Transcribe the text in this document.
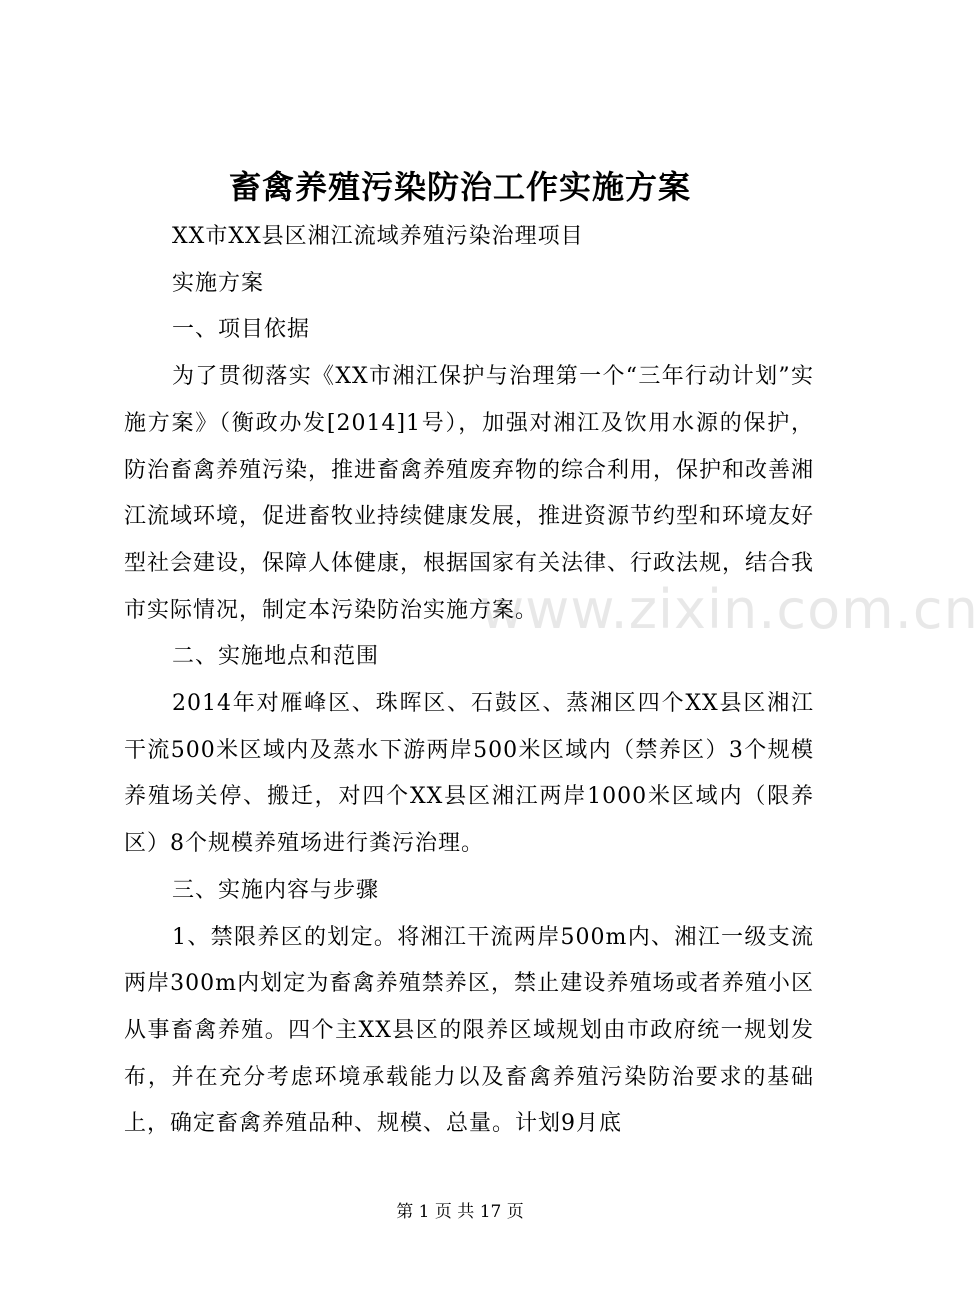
畜禽养殖污染防治工作实施方案

XX市XX县区湘江流域养殖污染治理项目

实施方案

一、项目依据

为了贯彻落实《XX市湘江保护与治理第一个“三年行动计划”实施方案》（衡政办发[2014]1号），加强对湘江及饮用水源的保护，防治畜禽养殖污染，推进畜禽养殖废弃物的综合利用，保护和改善湘江流域环境，促进畜牧业持续健康发展，推进资源节约型和环境友好型社会建设，保障人体健康，根据国家有关法律、行政法规，结合我市实际情况，制定本污染防治实施方案。

二、实施地点和范围

2014年对雁峰区、珠晖区、石鼓区、蒸湘区四个XX县区湘江干流500米区域内及蒸水下游两岸500米区域内（禁养区）3个规模养殖场关停、搬迁，对四个XX县区湘江两岸1000米区域内（限养区）8个规模养殖场进行粪污治理。

三、实施内容与步骤

1、禁限养区的划定。将湘江干流两岸500m内、湘江一级支流两岸300m内划定为畜禽养殖禁养区，禁止建设养殖场或者养殖小区从事畜禽养殖。四个主XX县区的限养区域规划由市政府统一规划发布，并在充分考虑环境承载能力以及畜禽养殖污染防治要求的基础上，确定畜禽养殖品种、规模、总量。计划9月底

www.zixin.com.cn
第 1 页 共 17 页
